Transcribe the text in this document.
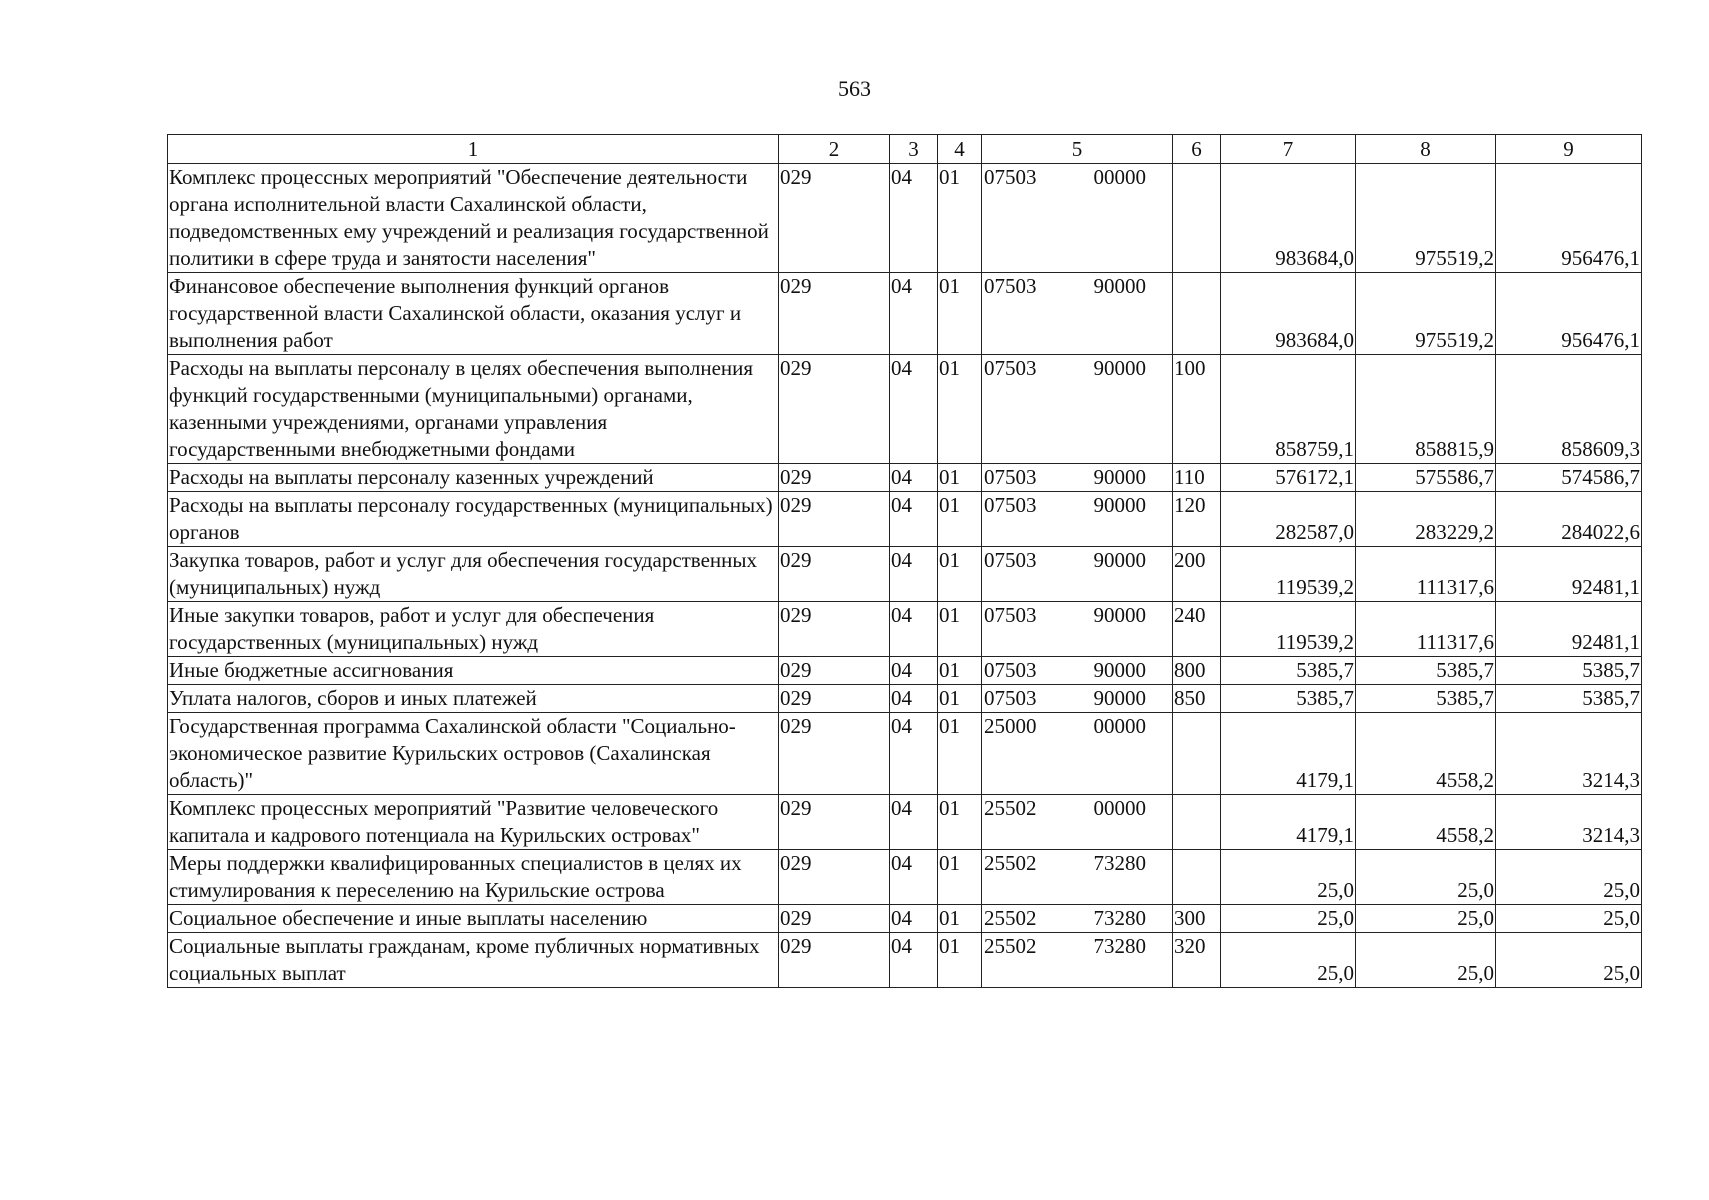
563
1	2	3	4	5	6	7	8	9
Комплекс процессных мероприятий "Обеспечение деятельности органа исполнительной власти Сахалинской области, подведомственных ему учреждений и реализация государственной политики в сфере труда и занятости населения"	029	04	01	07503 00000		983684,0	975519,2	956476,1
Финансовое обеспечение выполнения функций органов государственной власти Сахалинской области, оказания услуг и выполнения работ	029	04	01	07503 90000		983684,0	975519,2	956476,1
Расходы на выплаты персоналу в целях обеспечения выполнения функций государственными (муниципальными) органами, казенными учреждениями, органами управления государственными внебюджетными фондами	029	04	01	07503 90000	100	858759,1	858815,9	858609,3
Расходы на выплаты персоналу казенных учреждений	029	04	01	07503 90000	110	576172,1	575586,7	574586,7
Расходы на выплаты персоналу государственных (муниципальных) органов	029	04	01	07503 90000	120	282587,0	283229,2	284022,6
Закупка товаров, работ и услуг для обеспечения государственных (муниципальных) нужд	029	04	01	07503 90000	200	119539,2	111317,6	92481,1
Иные закупки товаров, работ и услуг для обеспечения государственных (муниципальных) нужд	029	04	01	07503 90000	240	119539,2	111317,6	92481,1
Иные бюджетные ассигнования	029	04	01	07503 90000	800	5385,7	5385,7	5385,7
Уплата налогов, сборов и иных платежей	029	04	01	07503 90000	850	5385,7	5385,7	5385,7
Государственная программа Сахалинской области "Социально-экономическое развитие Курильских островов (Сахалинская область)"	029	04	01	25000 00000		4179,1	4558,2	3214,3
Комплекс процессных мероприятий "Развитие человеческого капитала и кадрового потенциала на Курильских островах"	029	04	01	25502 00000		4179,1	4558,2	3214,3
Меры поддержки квалифицированных специалистов в целях их стимулирования к переселению на Курильские острова	029	04	01	25502 73280		25,0	25,0	25,0
Социальное обеспечение и иные выплаты населению	029	04	01	25502 73280	300	25,0	25,0	25,0
Социальные выплаты гражданам, кроме публичных нормативных социальных выплат	029	04	01	25502 73280	320	25,0	25,0	25,0
